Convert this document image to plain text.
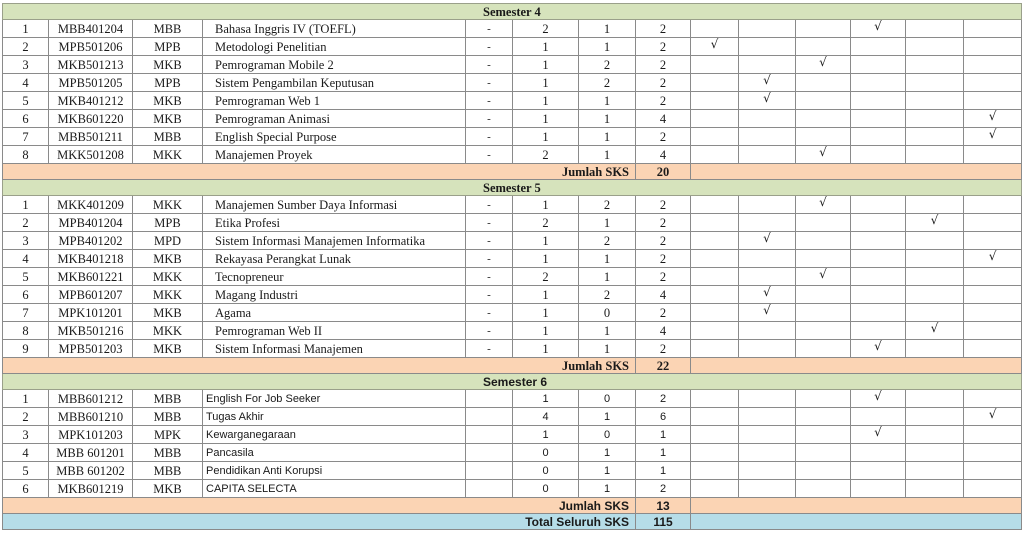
Semester 4													
1	MBB401204	MBB	Bahasa Inggris IV (TOEFL)	-	2	1	2				√		
2	MPB501206	MPB	Metodologi Penelitian	-	1	1	2	√					
3	MKB501213	MKB	Pemrograman Mobile 2	-	1	2	2			√			
4	MPB501205	MPB	Sistem Pengambilan Keputusan	-	1	2	2		√				
5	MKB401212	MKB	Pemrograman Web 1	-	1	1	2		√				
6	MKB601220	MKB	Pemrograman Animasi	-	1	1	4						√
7	MBB501211	MBB	English Special Purpose	-	1	1	2						√
8	MKK501208	MKK	Manajemen Proyek	-	2	1	4			√			
Jumlah SKS							20						
Semester 5													
1	MKK401209	MKK	Manajemen Sumber Daya Informasi	-	1	2	2			√			
2	MPB401204	MPB	Etika Profesi	-	2	1	2					√	
3	MPB401202	MPD	Sistem Informasi Manajemen Informatika	-	1	2	2		√				
4	MKB401218	MKB	Rekayasa Perangkat Lunak	-	1	1	2						√
5	MKB601221	MKK	Tecnopreneur	-	2	1	2			√			
6	MPB601207	MKK	Magang Industri	-	1	2	4		√				
7	MPK101201	MKB	Agama	-	1	0	2		√				
8	MKB501216	MKK	Pemrograman Web II	-	1	1	4					√	
9	MPB501203	MKB	Sistem Informasi Manajemen	-	1	1	2				√		
Jumlah SKS							22						
Semester 6													
1	MBB601212	MBB	English For Job Seeker		1	0	2				√		
2	MBB601210	MBB	Tugas Akhir		4	1	6						√
3	MPK101203	MPK	Kewarganegaraan		1	0	1				√		
4	MBB 601201	MBB	Pancasila		0	1	1						
5	MBB 601202	MBB	Pendidikan Anti Korupsi		0	1	1						
6	MKB601219	MKB	CAPITA SELECTA		0	1	2						
Jumlah SKS							13						
Total Seluruh SKS							115						
